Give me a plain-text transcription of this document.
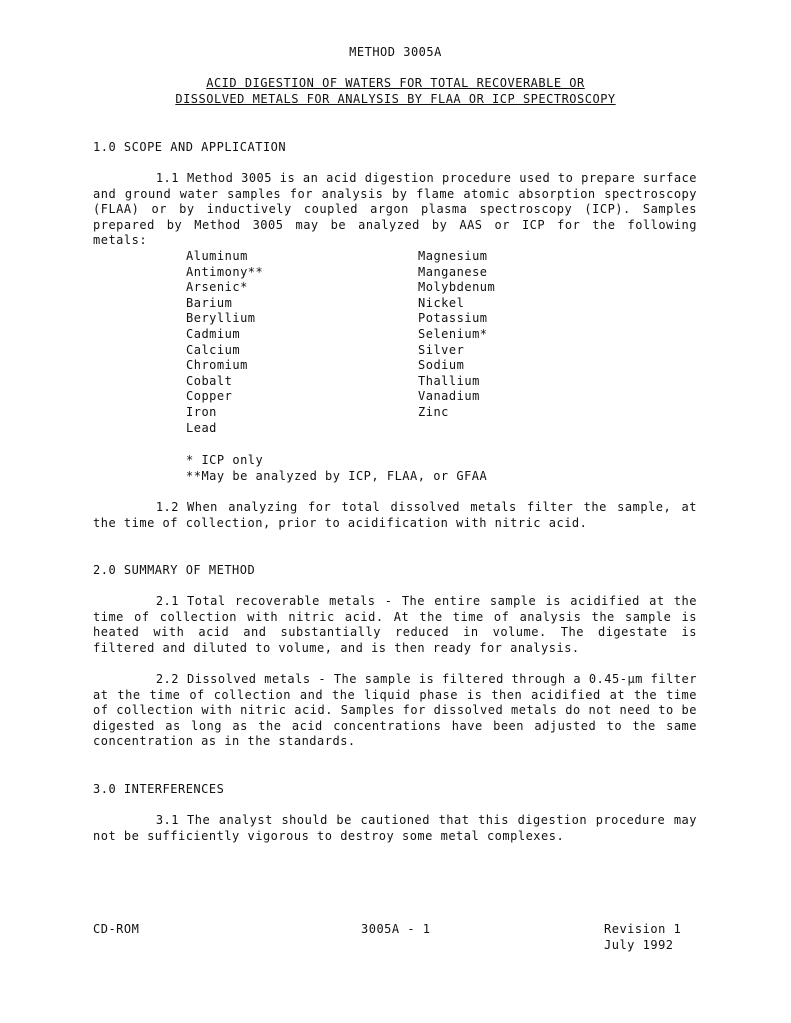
METHOD 3005A
ACID DIGESTION OF WATERS FOR TOTAL RECOVERABLE OR
DISSOLVED METALS FOR ANALYSIS BY FLAA OR ICP SPECTROSCOPY
1.0 SCOPE AND APPLICATION
1.1 Method 3005 is an acid digestion procedure used to prepare surface and ground water samples for analysis by flame atomic absorption spectroscopy (FLAA) or by inductively coupled argon plasma spectroscopy (ICP). Samples prepared by Method 3005 may be analyzed by AAS or ICP for the following metals:
Aluminum
Antimony**
Arsenic*
Barium
Beryllium
Cadmium
Calcium
Chromium
Cobalt
Copper
Iron
Lead
Magnesium
Manganese
Molybdenum
Nickel
Potassium
Selenium*
Silver
Sodium
Thallium
Vanadium
Zinc
* ICP only
**May be analyzed by ICP, FLAA, or GFAA
1.2 When analyzing for total dissolved metals filter the sample, at the time of collection, prior to acidification with nitric acid.
2.0 SUMMARY OF METHOD
2.1 Total recoverable metals - The entire sample is acidified at the time of collection with nitric acid. At the time of analysis the sample is heated with acid and substantially reduced in volume. The digestate is filtered and diluted to volume, and is then ready for analysis.
2.2 Dissolved metals - The sample is filtered through a 0.45-µm filter at the time of collection and the liquid phase is then acidified at the time of collection with nitric acid. Samples for dissolved metals do not need to be digested as long as the acid concentrations have been adjusted to the same concentration as in the standards.
3.0 INTERFERENCES
3.1 The analyst should be cautioned that this digestion procedure may not be sufficiently vigorous to destroy some metal complexes.
CD-ROM	3005A - 1	Revision 1
July 1992
